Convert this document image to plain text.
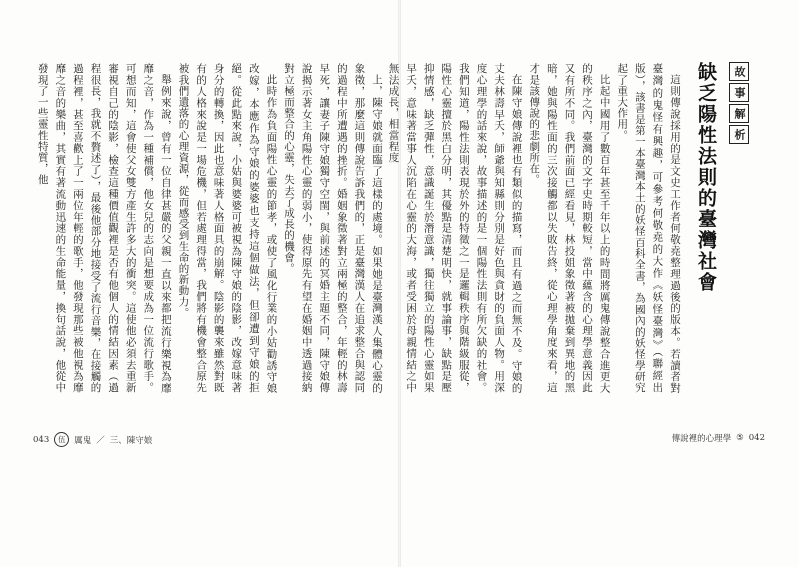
上，陳守娘就面臨了這樣的處境。如果她是臺灣漢人集體心靈的象徵，那麼這則傳說告訴我們的，正是臺灣漢人在追求整合與認同的過程中所遭遇的挫折。婚姻象徵著對立兩極的整合，年輕的林壽早死，讓妻子陳守娘獨守空閨，與前述的冥婚主題不同，陳守娘傳說揭示著女主角陽性心靈的弱小，使得原先有望在婚姻中透過接納對立極而整合的心靈，失去了成長的機會。

此時作為負面陽性心靈的節孝，或使了風化行業的小姑勸誘守娘改嫁，本應作為守娘的婆婆也支持這個做法，但卻遭到守娘的拒絕。從此點來說，小姑與婆婆可被視為陳守娘的陰影，改嫁意味著身分的轉換，因此也意味著人格面具的崩解。陰影的襲來雖然對既有的人格來說是一場危機，但若處理得當，我們將有機會整合原先被我們遺落的心理資源，從而感受到生命的新動力。

舉例來說，曾有一位自律甚嚴的父親一直以來都把流行樂視為靡靡之音，作為一種補償，他女兒的志向是想要成為一位流行歌手。可想而知，這會使父女雙方產生許多大的衝突。這使他必須去重新審視自己的陰影，檢查這種價值觀裡是否有他個人的情結因素（過程很長，我就不贅述了），最後他部分地接受了流行音樂，在接觸的過程裡，甚至喜歡上了一兩位年輕的歌手，他發現那些被他視為靡靡之音的樂曲，其實有著流動迅速的生命能量，換句話說，他從中發現了一些靈性特質，他

043	伍	厲鬼 ／ 三、陳守娘
故
事
解
析
缺乏陽性法則的臺灣社會

這則傳說採用的是文史工作者何敬堯整理過後的版本。若讀者對臺灣的鬼怪有興趣，可參考何敬堯的大作《妖怪臺灣》（聯經出版），該書是第一本臺灣本土的妖怪百科全書，為國內的妖怪學研究起了重大作用。

比起中國用了數百年甚至千年以上的時間將厲鬼傳說整合進更大的秩序之內，臺灣的文字史時期較短，當中蘊含的心理學意義因此又有所不同。我們前面已經看見，林投姐象徵著被拋棄到異地的黑暗，她與陽性面的三次接觸都以失敗告終，從心理學角度來看，這才是該傳說的悲劇所在。

在陳守娘傳說裡也有類似的描寫，而且有過之而無不及。守娘的丈夫林壽早夭，師爺與知縣則分別是好色與貪財的負面人物。用深度心理學的話來說，故事描述的是一個陽性法則有所欠缺的社會。我們知道，陽性法則表現於外的特徵之一是邏輯秩序與階級服從，陽性心靈擅於黑白分明，其優點是清楚明快，就事論事，缺點是壓抑情感，缺乏彈性，意識誕生於潛意識，獨往獨立的陽性心靈如果早夭，意味著當事人沉陷在心靈的大海，或者受困於母親情結之中無法成長，相當程度

傳說裡的心理學 ⑤ 042
